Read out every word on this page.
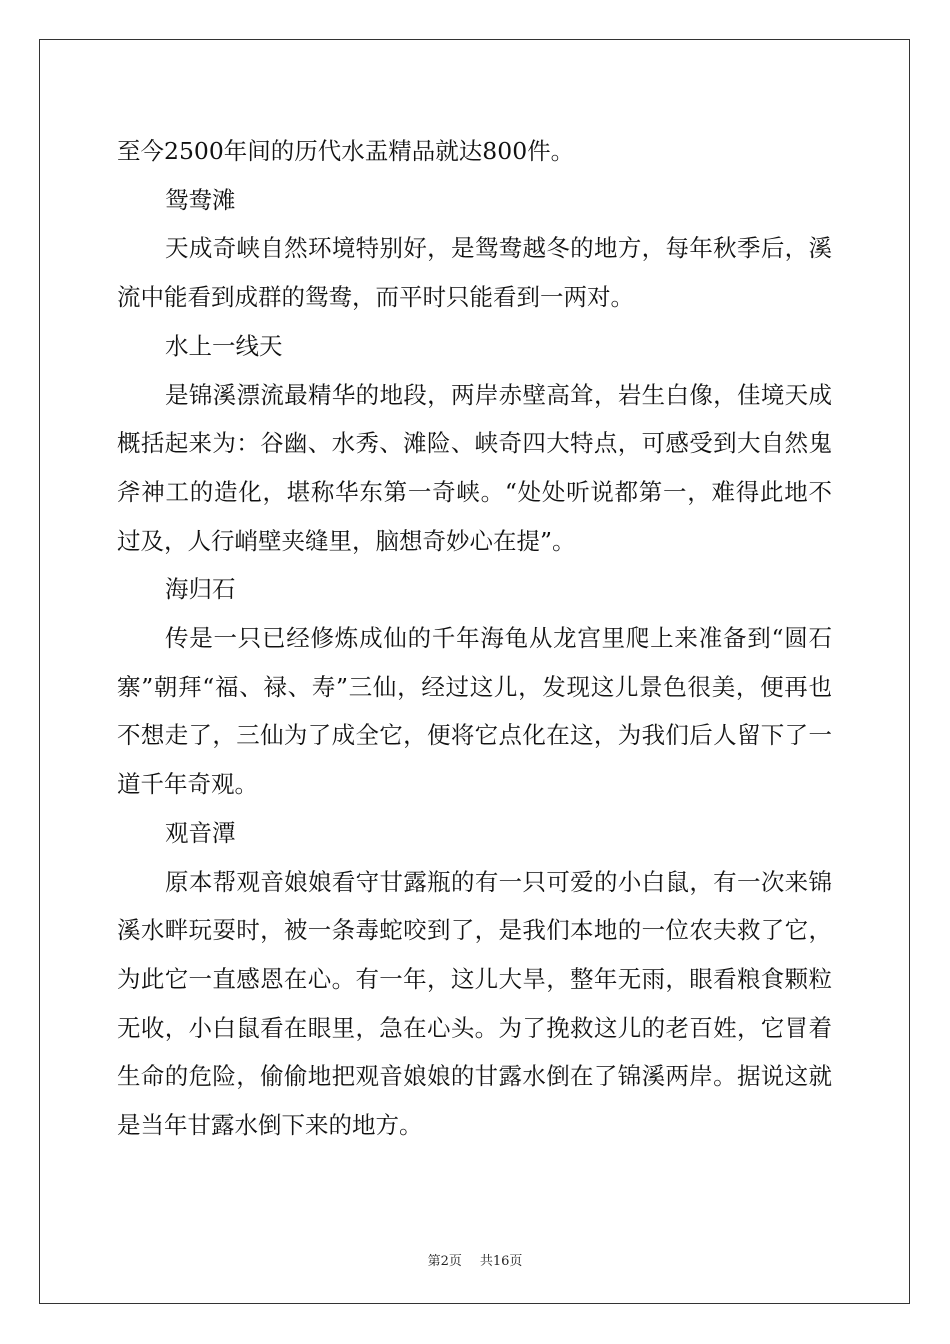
至今2500年间的历代水盂精品就达800件。

鸳鸯滩

天成奇峡自然环境特别好，是鸳鸯越冬的地方，每年秋季后，溪流中能看到成群的鸳鸯，而平时只能看到一两对。

水上一线天

是锦溪漂流最精华的地段，两岸赤壁高耸，岩生白像，佳境天成概括起来为：谷幽、水秀、滩险、峡奇四大特点，可感受到大自然鬼斧神工的造化，堪称华东第一奇峡。“处处听说都第一，难得此地不过及，人行峭壁夹缝里，脑想奇妙心在提”。

海归石

传是一只已经修炼成仙的千年海龟从龙宫里爬上来准备到“圆石寨”朝拜“福、禄、寿”三仙，经过这儿，发现这儿景色很美，便再也不想走了，三仙为了成全它，便将它点化在这，为我们后人留下了一道千年奇观。

观音潭

原本帮观音娘娘看守甘露瓶的有一只可爱的小白鼠，有一次来锦溪水畔玩耍时，被一条毒蛇咬到了，是我们本地的一位农夫救了它，为此它一直感恩在心。有一年，这儿大旱，整年无雨，眼看粮食颗粒无收，小白鼠看在眼里，急在心头。为了挽救这儿的老百姓，它冒着生命的危险，偷偷地把观音娘娘的甘露水倒在了锦溪两岸。据说这就是当年甘露水倒下来的地方。

第2页 共16页
